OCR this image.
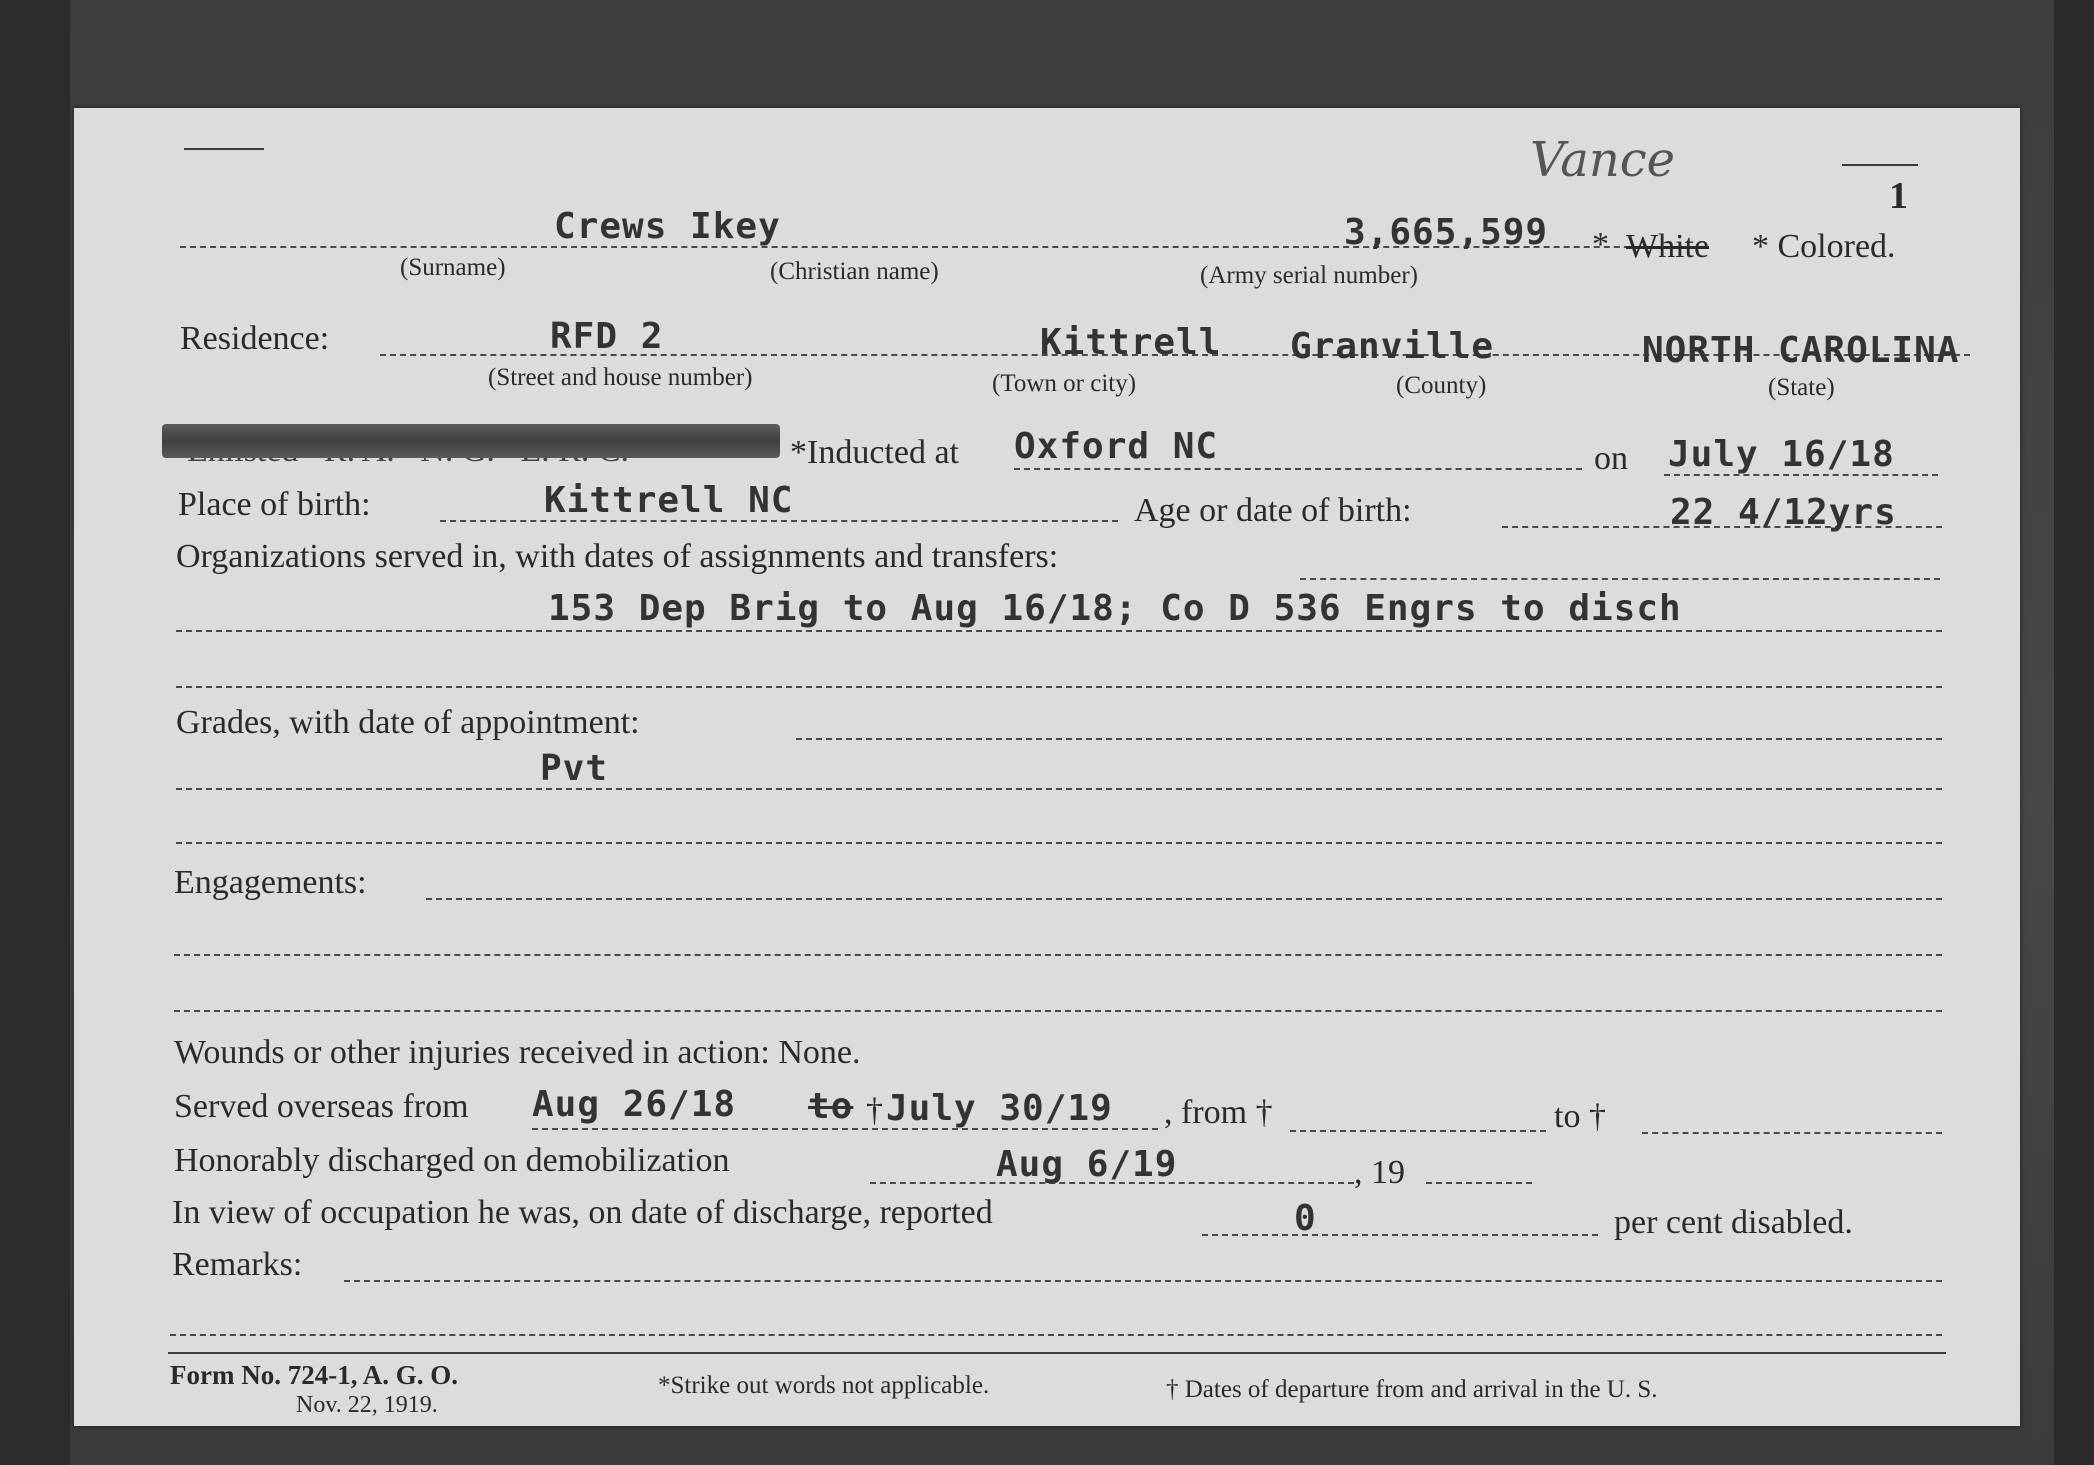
Vance
1
Crews Ikey	3,665,599 * White * Colored.
(Surname)	(Christian name)	(Army serial number)
Residence:	RFD 2	Kittrell Granville	NORTH CAROLINA
(Street and house number)	(Town or city)	(County)	(State)
*Inducted at Oxford NC	on July 16/18
Place of birth:	Kittrell NC	Age or date of birth:	22 4/12yrs
Organizations served in, with dates of assignments and transfers:
153 Dep Brig to Aug 16/18; Co D 536 Engrs to disch
Grades, with date of appointment:
Pvt
Engagements:
Wounds or other injuries received in action: None.
Served overseas from Aug 26/18 to † July 30/19 , from †	to †
Honorably discharged on demobilization	Aug 6/19	, 19
In view of occupation he was, on date of discharge, reported	0	per cent disabled.
Remarks:
Form No. 724-1, A. G. O.
Nov. 22, 1919.
*Strike out words not applicable.	† Dates of departure from and arrival in the U. S.
